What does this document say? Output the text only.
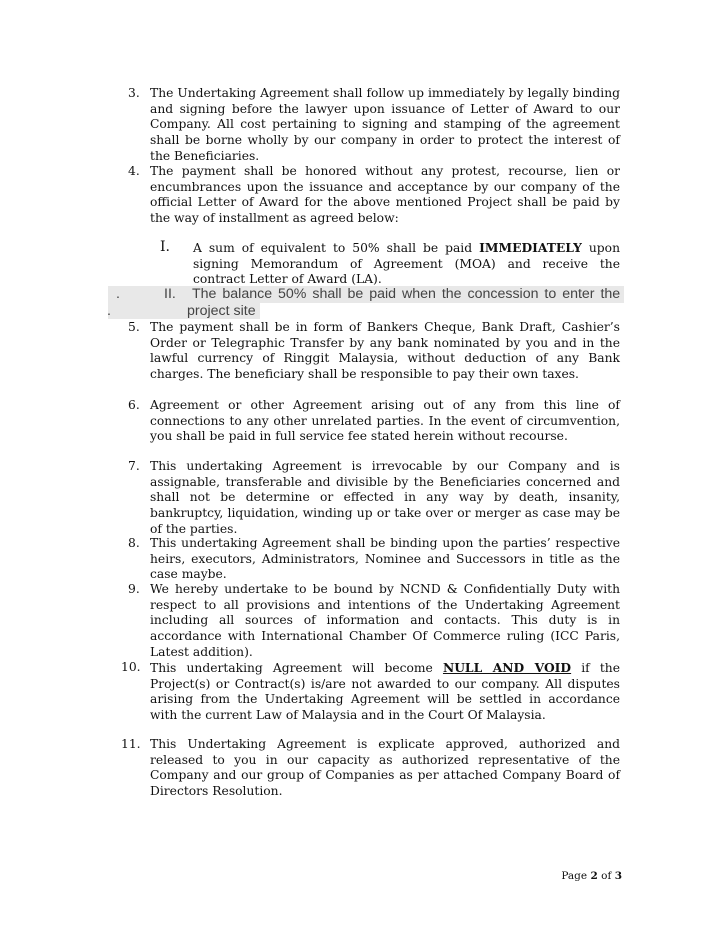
3. The Undertaking Agreement shall follow up immediately by legally binding and signing before the lawyer upon issuance of Letter of Award to our Company. All cost pertaining to signing and stamping of the agreement shall be borne wholly by our company in order to protect the interest of the Beneficiaries.
4. The payment shall be honored without any protest, recourse, lien or encumbrances upon the issuance and acceptance by our company of the official Letter of Award for the above mentioned Project shall be paid by the way of installment as agreed below:
I. A sum of equivalent to 50% shall be paid IMMEDIATELY upon signing Memorandum of Agreement (MOA) and receive the contract Letter of Award (LA).
.
.
II. The balance 50% shall be paid when the concession to enter the
project site
5. The payment shall be in form of Bankers Cheque, Bank Draft, Cashier’s Order or Telegraphic Transfer by any bank nominated by you and in the lawful currency of Ringgit Malaysia, without deduction of any Bank charges. The beneficiary shall be responsible to pay their own taxes.
6. Agreement or other Agreement arising out of any from this line of connections to any other unrelated parties. In the event of circumvention, you shall be paid in full service fee stated herein without recourse.
7. This undertaking Agreement is irrevocable by our Company and is assignable, transferable and divisible by the Beneficiaries concerned and shall not be determine or effected in any way by death, insanity, bankruptcy, liquidation, winding up or take over or merger as case may be of the parties.
8. This undertaking Agreement shall be binding upon the parties’ respective heirs, executors, Administrators, Nominee and Successors in title as the case maybe.
9. We hereby undertake to be bound by NCND & Confidentially Duty with respect to all provisions and intentions of the Undertaking Agreement including all sources of information and contacts. This duty is in accordance with International Chamber Of Commerce ruling (ICC Paris, Latest addition).
10. This undertaking Agreement will become NULL AND VOID if the Project(s) or Contract(s) is/are not awarded to our company. All disputes arising from the Undertaking Agreement will be settled in accordance with the current Law of Malaysia and in the Court Of Malaysia.
11. This Undertaking Agreement is explicate approved, authorized and released to you in our capacity as authorized representative of the Company and our group of Companies as per attached Company Board of Directors Resolution.
Page 2 of 3
